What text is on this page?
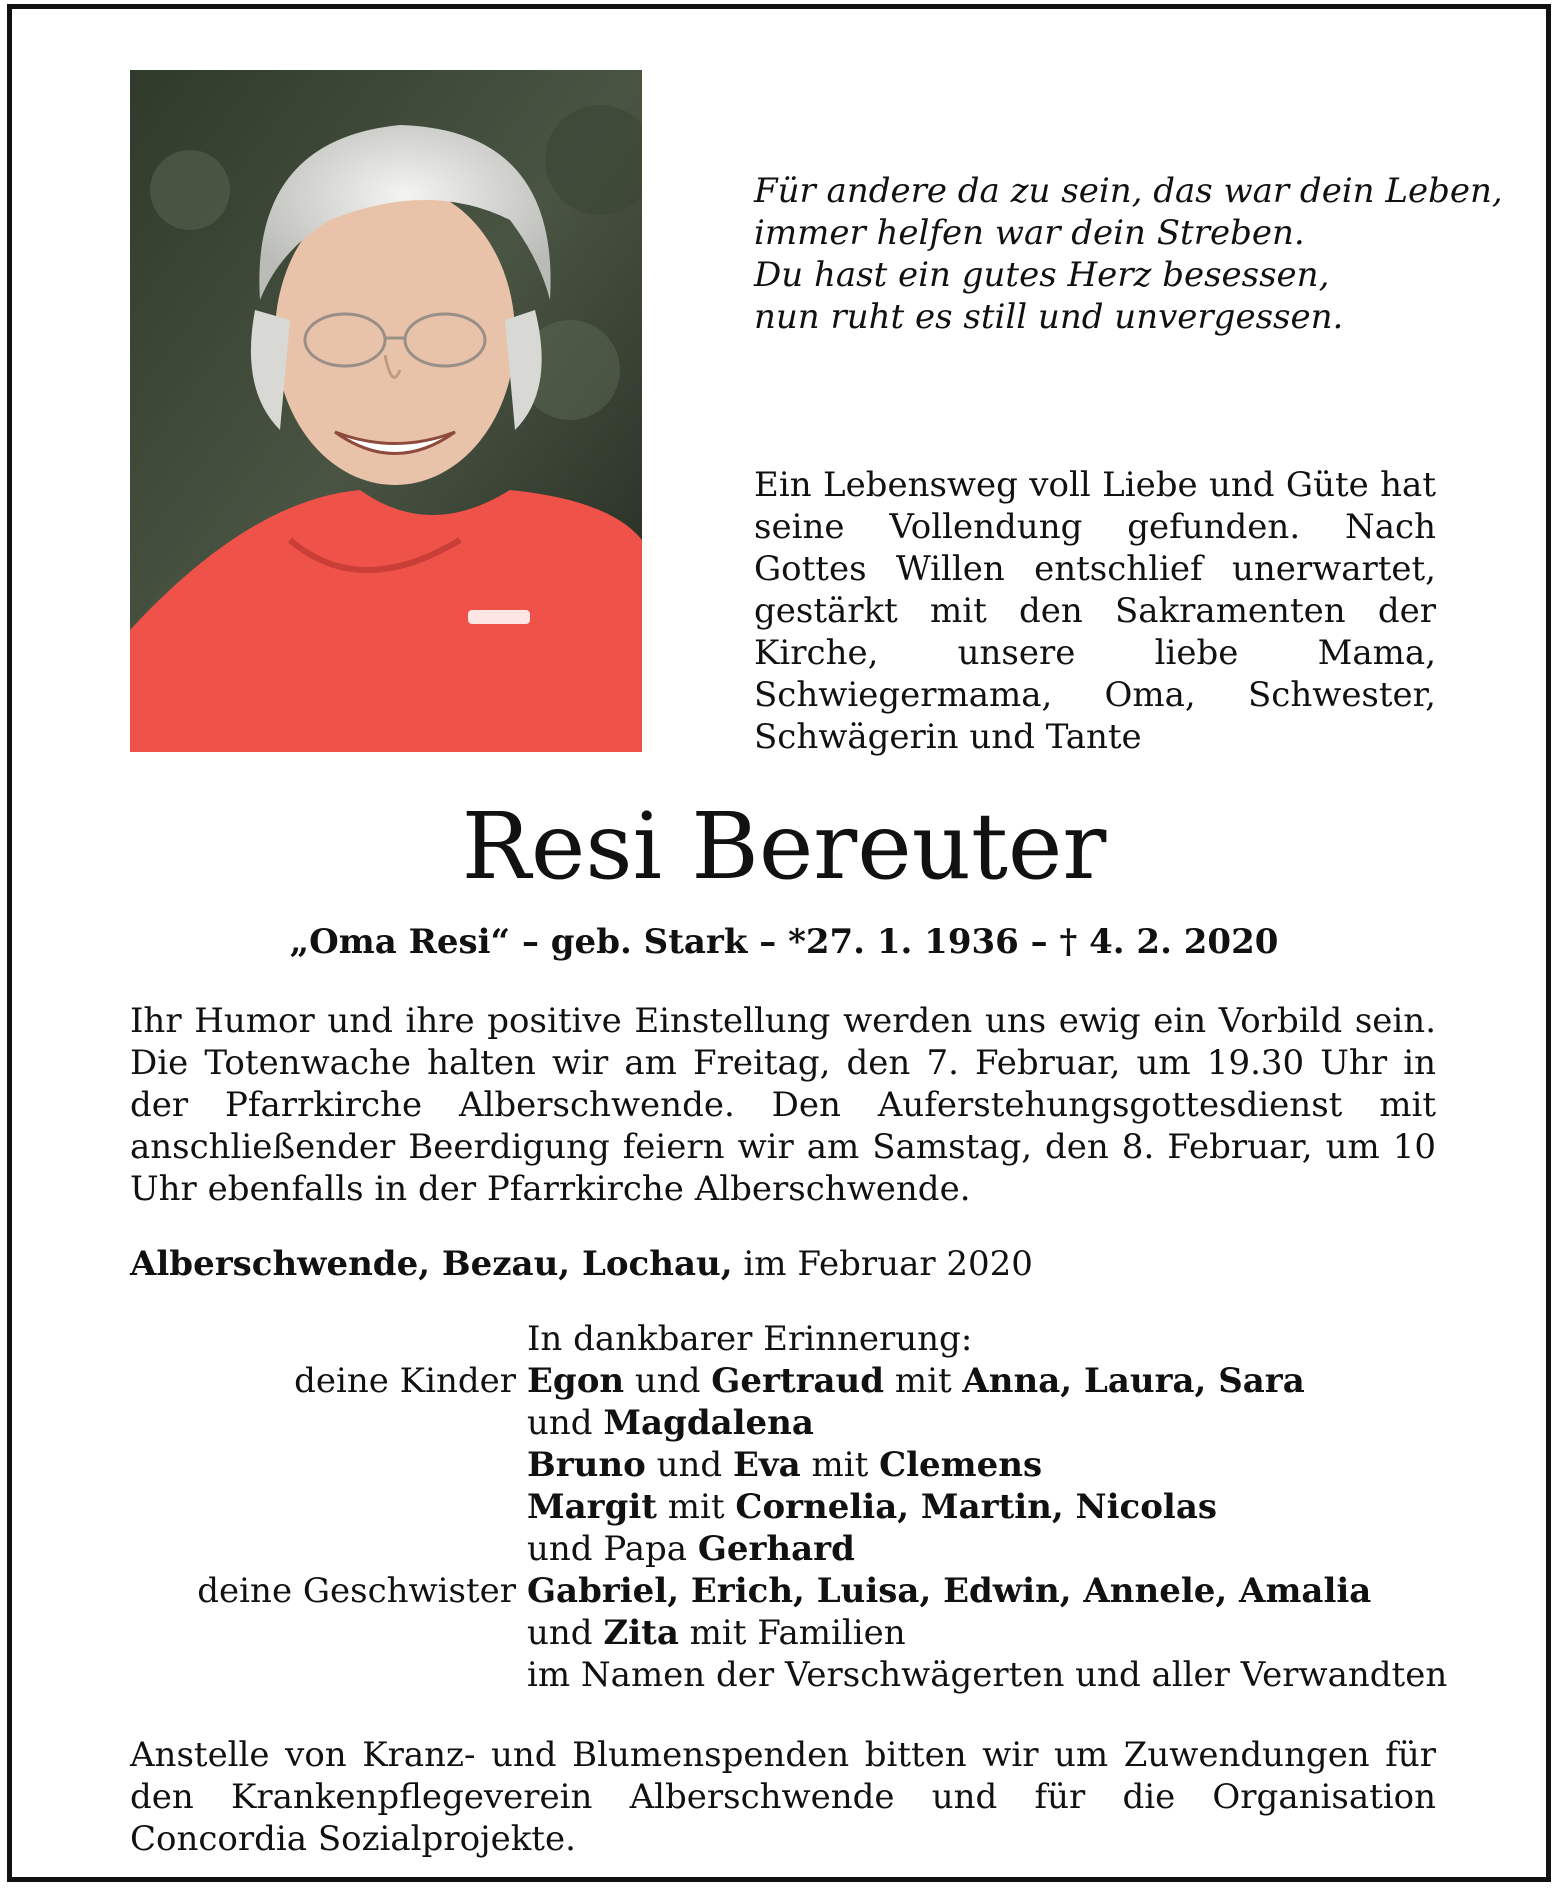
Für andere da zu sein, das war dein Leben,
immer helfen war dein Streben.
Du hast ein gutes Herz besessen,
nun ruht es still und unvergessen.
Ein Lebensweg voll Liebe und Güte hat seine Vollendung gefunden. Nach Gottes Willen entschlief unerwartet, gestärkt mit den Sakramenten der Kirche, unsere liebe Mama, Schwiegermama, Oma, Schwester, Schwägerin und Tante
Resi Bereuter
„Oma Resi“ – geb. Stark – *27. 1. 1936 – † 4. 2. 2020
Ihr Humor und ihre positive Einstellung werden uns ewig ein Vorbild sein. Die Totenwache halten wir am Freitag, den 7. Februar, um 19.30 Uhr in der Pfarrkirche Alberschwende. Den Auferstehungsgottesdienst mit anschließender Beerdigung feiern wir am Samstag, den 8. Februar, um 10 Uhr ebenfalls in der Pfarrkirche Alberschwende.
Alberschwende, Bezau, Lochau, im Februar 2020
In dankbarer Erinnerung:
deine Kinder Egon und Gertraud mit Anna, Laura, Sara
und Magdalena
Bruno und Eva mit Clemens
Margit mit Cornelia, Martin, Nicolas
und Papa Gerhard
deine Geschwister Gabriel, Erich, Luisa, Edwin, Annele, Amalia
und Zita mit Familien
im Namen der Verschwägerten und aller Verwandten
Anstelle von Kranz- und Blumenspenden bitten wir um Zuwendungen für den Krankenpflegeverein Alberschwende und für die Organisation Concordia Sozialprojekte.
